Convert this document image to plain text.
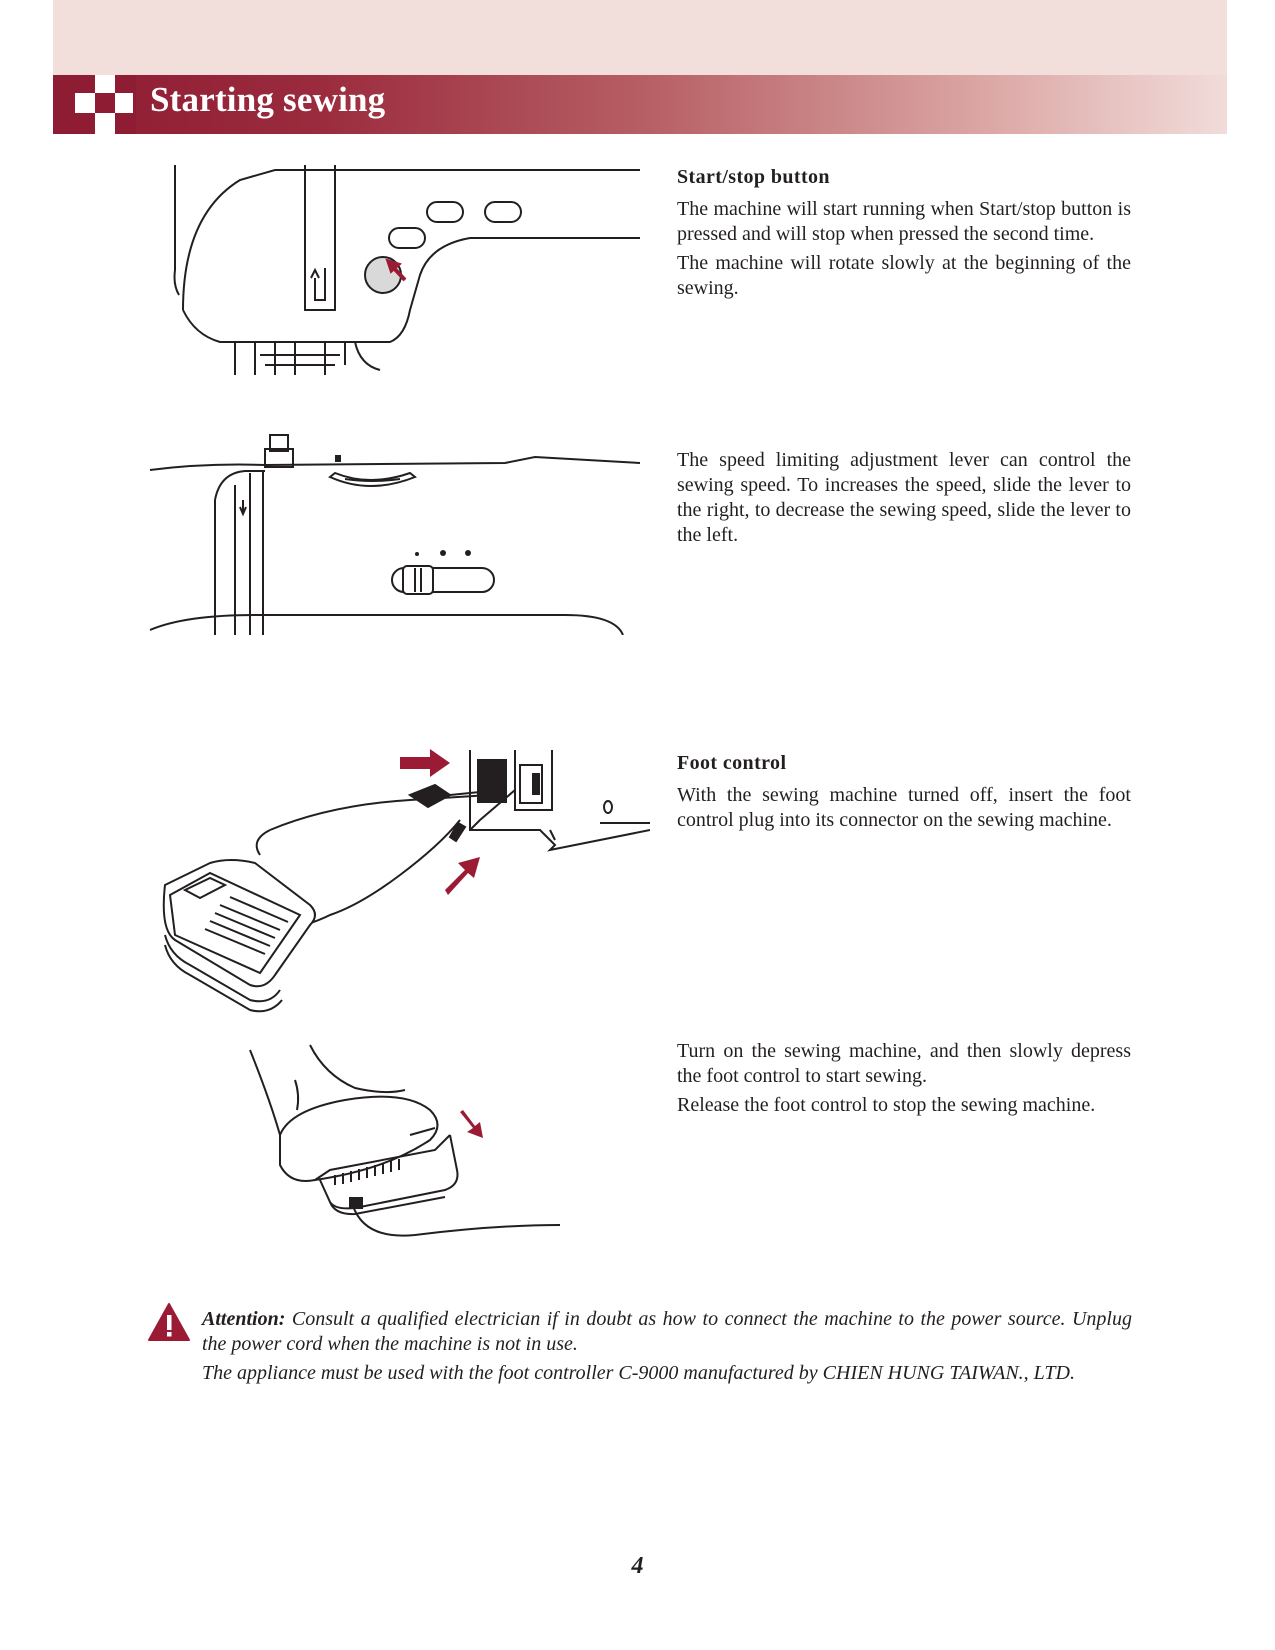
Starting sewing
Start/stop button

The machine will start running when Start/stop button is pressed and will stop when pressed the second time.

The machine will rotate slowly at the beginning of the sewing.

The speed limiting adjustment lever can control the sewing speed. To increases the speed, slide the lever to the right, to decrease the sewing speed, slide the lever to the left.

Foot control

With the sewing machine turned off, insert the foot control plug into its connector on the sewing machine.

Turn on the sewing machine, and then slowly depress the foot control to start sewing.

Release the foot control to stop the sewing machine.

Attention: Consult a qualified electrician if in doubt as how to connect the machine to the power source. Unplug the power cord when the machine is not in use.

The appliance must be used with the foot controller C-9000 manufactured by CHIEN HUNG TAIWAN., LTD.

4
